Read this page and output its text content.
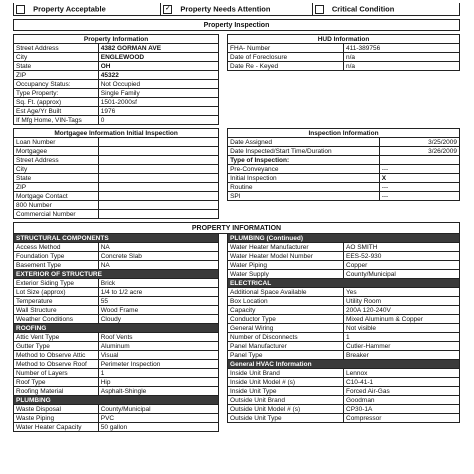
Property Acceptable	✓ Property Needs Attention	Critical Condition
Property Inspection
Property Information			HUD Information	
Street Address	4382 GORMAN AVE		FHA- Number	411-389756
City	ENGLEWOOD		Date of Foreclosure	n/a
State	OH		Date Re - Keyed	n/a
ZIP	45322			
Occupancy Status:	Not Occupied			
Type Property:	Single Family			
Sq. Ft. (approx)	1501-2000sf			
Est Age/Yr Built	1976			
If Mfg Home, VIN-Tags	0			
Mortgagee Information Initial Inspection			Inspection Information	
Loan Number			Date Assigned	3/25/2009
Mortgagee			Date Inspected/Start Time/Duration	3/26/2009
Street Address			Type of Inspection:	
City			Pre-Conveyance	---
State			Initial Inspection	X
ZIP			Routine	---
Mortgage Contact			SPI	---
800 Number				
Commercial Number				
PROPERTY INFORMATION				
STRUCTURAL COMPONENTS			PLUMBING (Continued)	
Access Method	NA		Water Heater Manufacturer	AO SMITH
Foundation Type	Concrete Slab		Water Heater Model Number	EES-52-930
Basement Type	NA		Water Piping	Copper
EXTERIOR OF STRUCTURE			Water Supply	County/Municipal
Exterior Siding Type	Brick		ELECTRICAL	
Lot Size (approx)	1/4 to 1/2 acre		Additional Space Available	Yes
Temperature	55		Box Location	Utility Room
Wall Structure	Wood Frame		Capacity	200A 120-240V
Weather Conditions	Cloudy		Conductor Type	Mixed Aluminum & Copper
ROOFING			General Wiring	Not visible
Attic Vent Type	Roof Vents		Number of Disconnects	1
Gutter Type	Aluminum		Panel Manufacturer	Cutler-Hammer
Method to Observe Attic	Visual		Panel Type	Breaker
Method to Observe Roof	Perimeter Inspection		General HVAC Information	
Number of Layers	1		Inside Unit Brand	Lennox
Roof Type	Hip		Inside Unit Model # (s)	C10-41-1
Roofing Material	Asphalt-Shingle		Inside Unit Type	Forced Air-Gas
PLUMBING			Outside Unit Brand	Goodman
Waste Disposal	County/Municipal		Outside Unit Model # (s)	CP30-1A
Waste Piping	PVC		Outside Unit Type	Compressor
Water Heater Capacity	50 gallon			
